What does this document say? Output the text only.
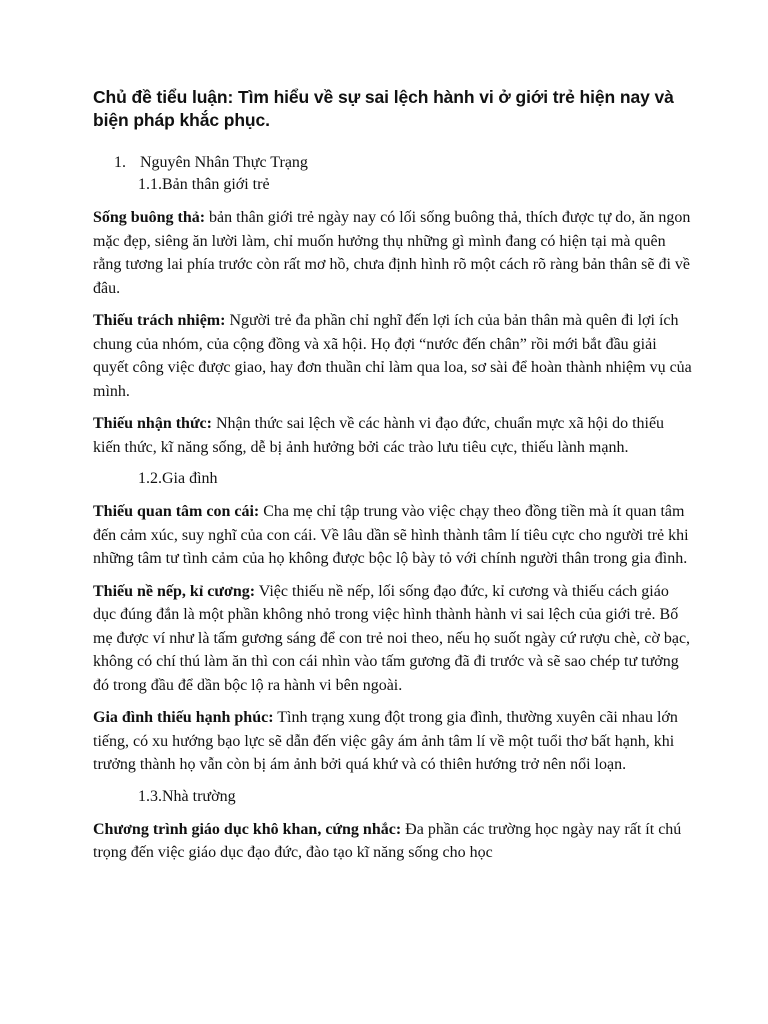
Chủ đề tiểu luận: Tìm hiểu về sự sai lệch hành vi ở giới trẻ hiện nay và biện pháp khắc phục.
1. Nguyên Nhân Thực Trạng
1.1.Bản thân giới trẻ

Sống buông thả: bản thân giới trẻ ngày nay có lối sống buông thả, thích được tự do, ăn ngon mặc đẹp, siêng ăn lười làm, chỉ muốn hưởng thụ những gì mình đang có hiện tại mà quên rằng tương lai phía trước còn rất mơ hồ, chưa định hình rõ một cách rõ ràng bản thân sẽ đi về đâu.

Thiếu trách nhiệm: Người trẻ đa phần chỉ nghĩ đến lợi ích của bản thân mà quên đi lợi ích chung của nhóm, của cộng đồng và xã hội. Họ đợi “nước đến chân” rồi mới bắt đầu giải quyết công việc được giao, hay đơn thuần chỉ làm qua loa, sơ sài để hoàn thành nhiệm vụ của mình.

Thiếu nhận thức: Nhận thức sai lệch về các hành vi đạo đức, chuẩn mực xã hội do thiếu kiến thức, kĩ năng sống, dễ bị ảnh hưởng bởi các trào lưu tiêu cực, thiếu lành mạnh.

1.2.Gia đình

Thiếu quan tâm con cái: Cha mẹ chỉ tập trung vào việc chạy theo đồng tiền mà ít quan tâm đến cảm xúc, suy nghĩ của con cái. Về lâu dần sẽ hình thành tâm lí tiêu cực cho người trẻ khi những tâm tư tình cảm của họ không được bộc lộ bày tỏ với chính người thân trong gia đình.

Thiếu nề nếp, kỉ cương: Việc thiếu nề nếp, lối sống đạo đức, kỉ cương và thiếu cách giáo dục đúng đắn là một phần không nhỏ trong việc hình thành hành vi sai lệch của giới trẻ. Bố mẹ được ví như là tấm gương sáng để con trẻ noi theo, nếu họ suốt ngày cứ rượu chè, cờ bạc, không có chí thú làm ăn thì con cái nhìn vào tấm gương đã đi trước và sẽ sao chép tư tưởng đó trong đầu để dần bộc lộ ra hành vi bên ngoài.

Gia đình thiếu hạnh phúc: Tình trạng xung đột trong gia đình, thường xuyên cãi nhau lớn tiếng, có xu hướng bạo lực sẽ dẫn đến việc gây ám ảnh tâm lí về một tuổi thơ bất hạnh, khi trưởng thành họ vẫn còn bị ám ảnh bởi quá khứ và có thiên hướng trở nên nổi loạn.

1.3.Nhà trường

Chương trình giáo dục khô khan, cứng nhắc: Đa phần các trường học ngày nay rất ít chú trọng đến việc giáo dục đạo đức, đào tạo kĩ năng sống cho học
